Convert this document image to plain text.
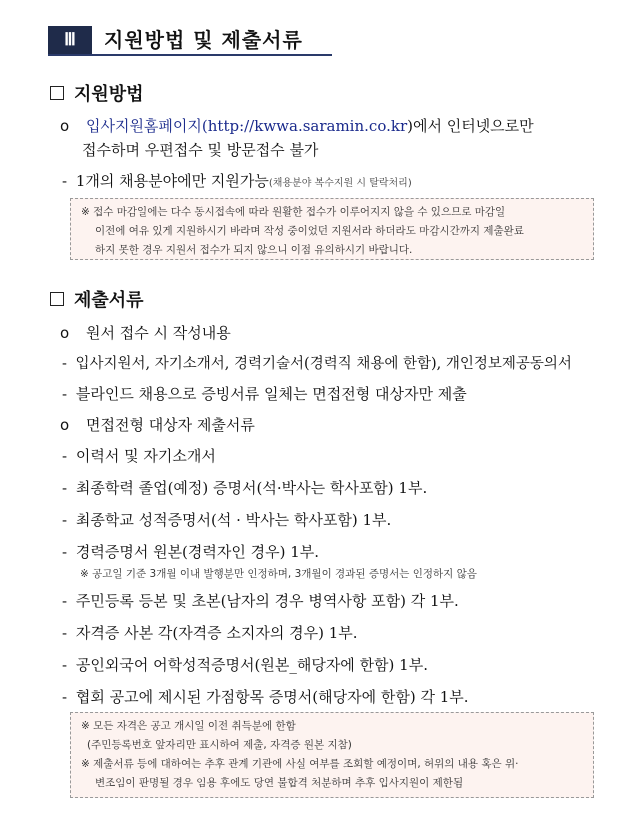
Ⅲ	지원방법 및 제출서류
지원방법
o 입사지원홈페이지(http://kwwa.saramin.co.kr)에서 인터넷으로만
접수하며 우편접수 및 방문접수 불가
- 1개의 채용분야에만 지원가능(채용분야 복수지원 시 탈락처리)
※ 접수 마감일에는 다수 동시접속에 따라 원활한 접수가 이루어지지 않을 수 있으므로 마감일
이전에 여유 있게 지원하시기 바라며 작성 중이었던 지원서라 하더라도 마감시간까지 제출완료
하지 못한 경우 지원서 접수가 되지 않으니 이점 유의하시기 바랍니다.
제출서류
o 원서 접수 시 작성내용
- 입사지원서, 자기소개서, 경력기술서(경력직 채용에 한함), 개인정보제공동의서
- 블라인드 채용으로 증빙서류 일체는 면접전형 대상자만 제출
o 면접전형 대상자 제출서류
- 이력서 및 자기소개서
- 최종학력 졸업(예정) 증명서(석·박사는 학사포함) 1부.
- 최종학교 성적증명서(석 · 박사는 학사포함) 1부.
- 경력증명서 원본(경력자인 경우) 1부.
※ 공고일 기준 3개월 이내 발행분만 인정하며, 3개월이 경과된 증명서는 인정하지 않음
- 주민등록 등본 및 초본(남자의 경우 병역사항 포함) 각 1부.
- 자격증 사본 각(자격증 소지자의 경우) 1부.
- 공인외국어 어학성적증명서(원본_해당자에 한함) 1부.
- 협회 공고에 제시된 가점항목 증명서(해당자에 한함) 각 1부.
※ 모든 자격은 공고 개시일 이전 취득분에 한함
(주민등록번호 앞자리만 표시하여 제출, 자격증 원본 지참)
※ 제출서류 등에 대하여는 추후 관계 기관에 사실 여부를 조회할 예정이며, 허위의 내용 혹은 위·
변조임이 판명될 경우 임용 후에도 당연 불합격 처분하며 추후 입사지원이 제한됨
